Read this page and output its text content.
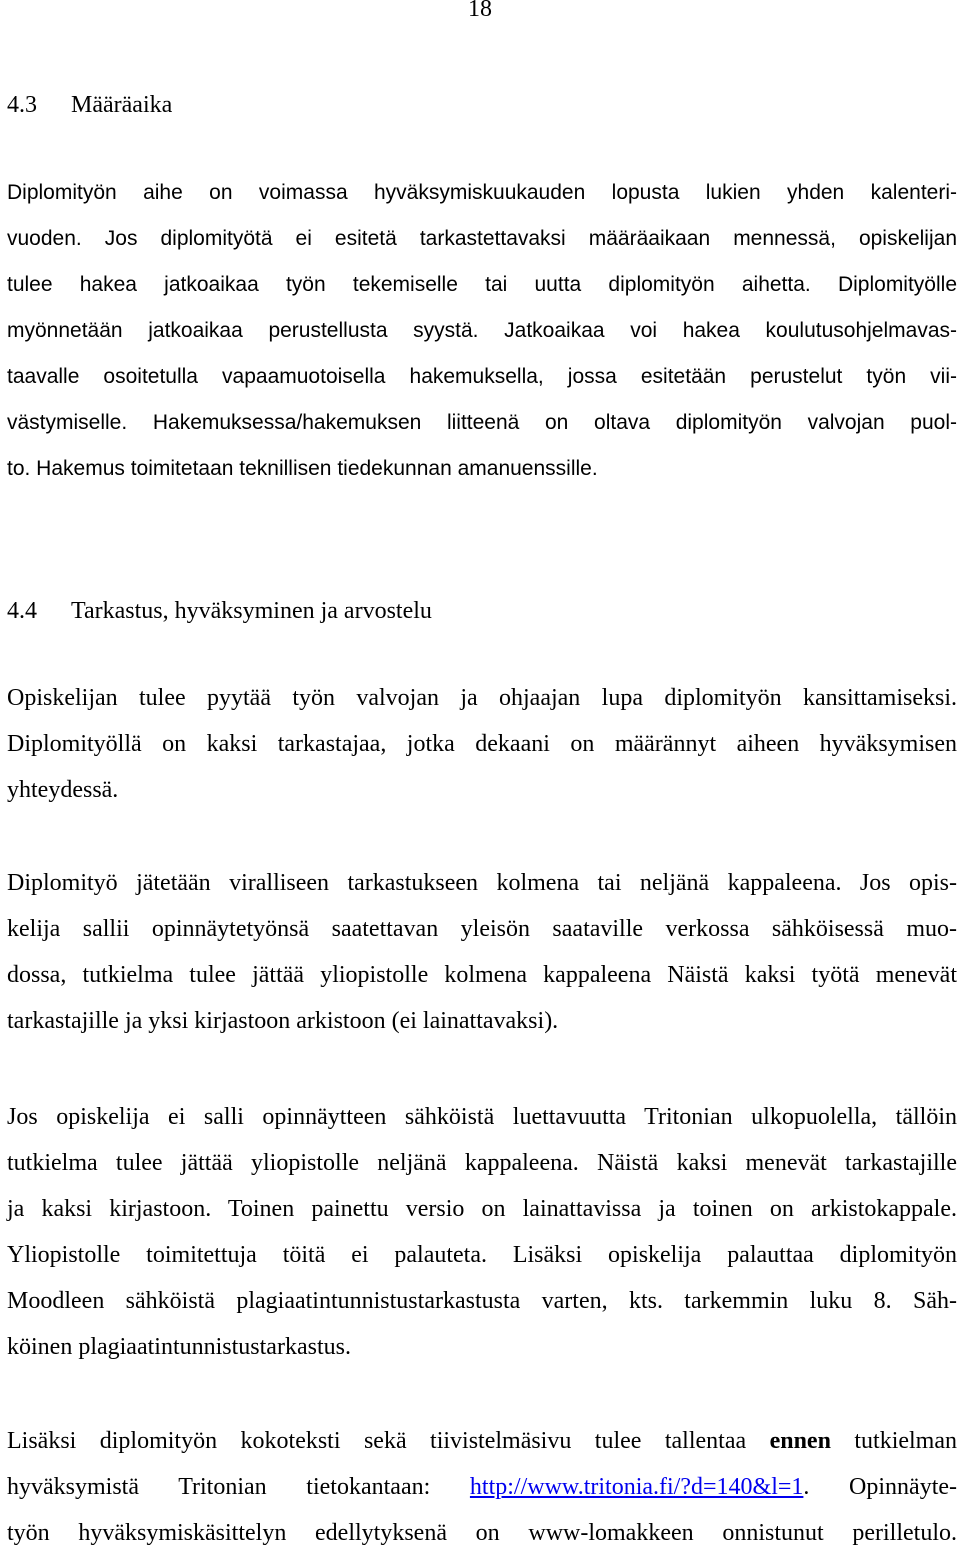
18
4.3 Määräaika
Diplomityön aihe on voimassa hyväksymiskuukauden lopusta lukien yhden kalenteri-
vuoden. Jos diplomityötä ei esitetä tarkastettavaksi määräaikaan mennessä, opiskelijan
tulee hakea jatkoaikaa työn tekemiselle tai uutta diplomityön aihetta. Diplomityölle
myönnetään jatkoaikaa perustellusta syystä. Jatkoaikaa voi hakea koulutusohjelmavas-
taavalle osoitetulla vapaamuotoisella hakemuksella, jossa esitetään perustelut työn vii-
västymiselle. Hakemuksessa/hakemuksen liitteenä on oltava diplomityön valvojan puol-
to. Hakemus toimitetaan teknillisen tiedekunnan amanuenssille.
4.4 Tarkastus, hyväksyminen ja arvostelu
Opiskelijan tulee pyytää työn valvojan ja ohjaajan lupa diplomityön kansittamiseksi.
Diplomityöllä on kaksi tarkastajaa, jotka dekaani on määrännyt aiheen hyväksymisen
yhteydessä.
Diplomityö jätetään viralliseen tarkastukseen kolmena tai neljänä kappaleena. Jos opis-
kelija sallii opinnäytetyönsä saatettavan yleisön saataville verkossa sähköisessä muo-
dossa, tutkielma tulee jättää yliopistolle kolmena kappaleena Näistä kaksi työtä menevät
tarkastajille ja yksi kirjastoon arkistoon (ei lainattavaksi).
Jos opiskelija ei salli opinnäytteen sähköistä luettavuutta Tritonian ulkopuolella, tällöin
tutkielma tulee jättää yliopistolle neljänä kappaleena. Näistä kaksi menevät tarkastajille
ja kaksi kirjastoon. Toinen painettu versio on lainattavissa ja toinen on arkistokappale.
Yliopistolle toimitettuja töitä ei palauteta. Lisäksi opiskelija palauttaa diplomityön
Moodleen sähköistä plagiaatintunnistustarkastusta varten, kts. tarkemmin luku 8. Säh-
köinen plagiaatintunnistustarkastus.
Lisäksi diplomityön kokoteksti sekä tiivistelmäsivu tulee tallentaa ennen tutkielman
hyväksymistä Tritonian tietokantaan: http://www.tritonia.fi/?d=140&l=1. Opinnäyte-
työn hyväksymiskäsittelyn edellytyksenä on www-lomakkeen onnistunut perilletulo.
